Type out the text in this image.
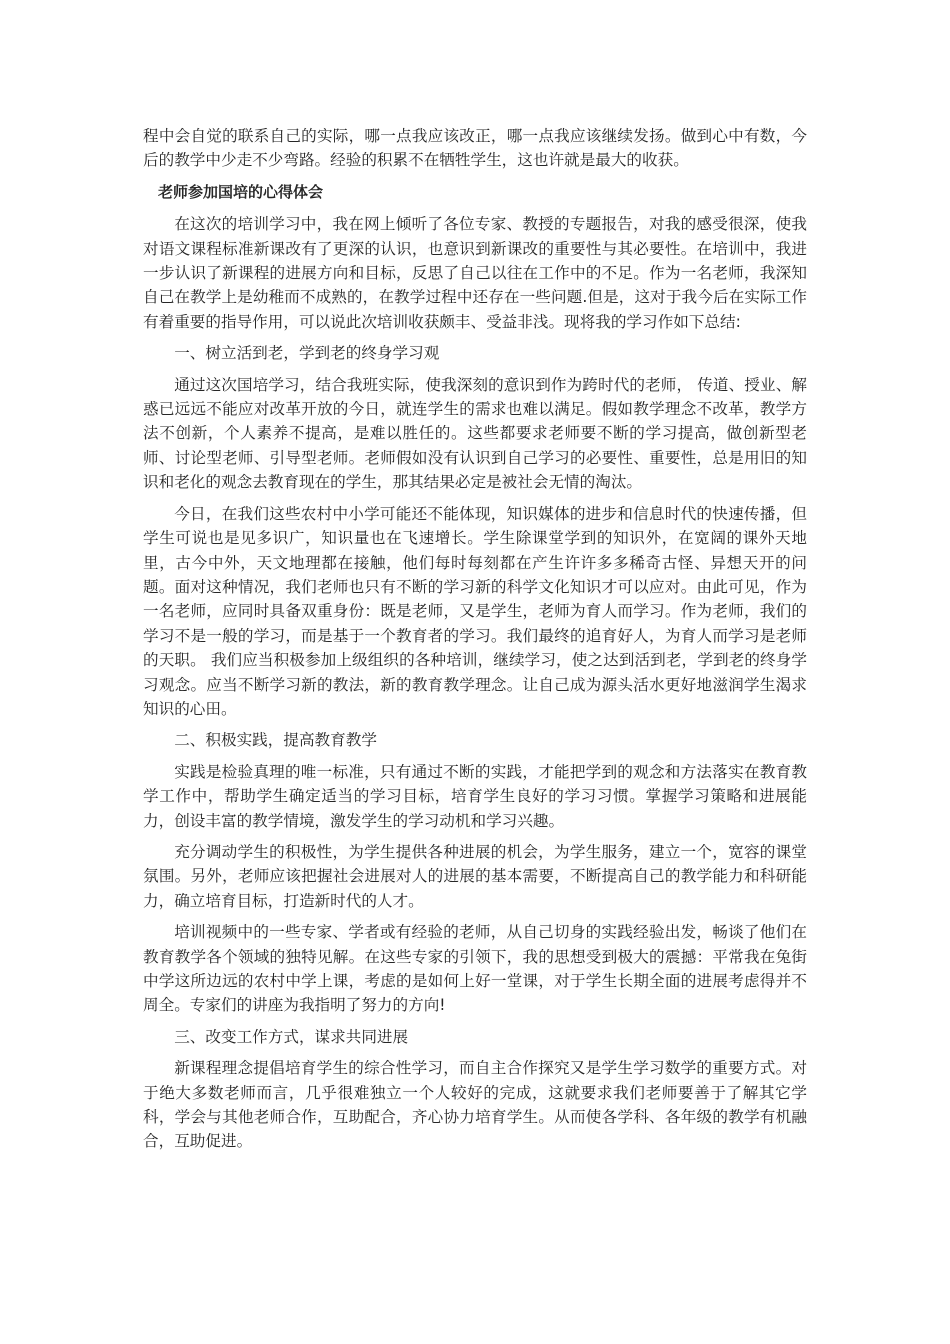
程中会自觉的联系自己的实际，哪一点我应该改正，哪一点我应该继续发扬。做到心中有数，今后的教学中少走不少弯路。经验的积累不在牺牲学生，这也许就是最大的收获。

老师参加国培的心得体会

在这次的培训学习中，我在网上倾听了各位专家、教授的专题报告，对我的感受很深，使我对语文课程标准新课改有了更深的认识，也意识到新课改的重要性与其必要性。在培训中，我进一步认识了新课程的进展方向和目标，反思了自己以往在工作中的不足。作为一名老师，我深知自己在教学上是幼稚而不成熟的，在教学过程中还存在一些问题.但是，这对于我今后在实际工作有着重要的指导作用，可以说此次培训收获颇丰、受益非浅。现将我的学习作如下总结:

一、树立活到老，学到老的终身学习观

通过这次国培学习，结合我班实际，使我深刻的意识到作为跨时代的老师， 传道、授业、解惑已远远不能应对改革开放的今日，就连学生的需求也难以满足。假如教学理念不改革，教学方法不创新，个人素养不提高，是难以胜任的。这些都要求老师要不断的学习提高，做创新型老师、讨论型老师、引导型老师。老师假如没有认识到自己学习的必要性、重要性，总是用旧的知识和老化的观念去教育现在的学生，那其结果必定是被社会无情的淘汰。

今日，在我们这些农村中小学可能还不能体现，知识媒体的进步和信息时代的快速传播，但学生可说也是见多识广，知识量也在飞速增长。学生除课堂学到的知识外，在宽阔的课外天地里，古今中外，天文地理都在接触，他们每时每刻都在产生许许多多稀奇古怪、异想天开的问题。面对这种情况，我们老师也只有不断的学习新的科学文化知识才可以应对。由此可见，作为一名老师，应同时具备双重身份：既是老师，又是学生，老师为育人而学习。作为老师，我们的学习不是一般的学习，而是基于一个教育者的学习。我们最终的追育好人，为育人而学习是老师的天职。 我们应当积极参加上级组织的各种培训，继续学习，使之达到活到老，学到老的终身学习观念。应当不断学习新的教法，新的教育教学理念。让自己成为源头活水更好地滋润学生渴求知识的心田。

二、积极实践，提高教育教学

实践是检验真理的唯一标准，只有通过不断的实践，才能把学到的观念和方法落实在教育教学工作中，帮助学生确定适当的学习目标，培育学生良好的学习习惯。掌握学习策略和进展能力，创设丰富的教学情境，激发学生的学习动机和学习兴趣。

充分调动学生的积极性，为学生提供各种进展的机会，为学生服务，建立一个，宽容的课堂氛围。另外，老师应该把握社会进展对人的进展的基本需要，不断提高自己的教学能力和科研能力，确立培育目标，打造新时代的人才。

培训视频中的一些专家、学者或有经验的老师，从自己切身的实践经验出发，畅谈了他们在教育教学各个领域的独特见解。在这些专家的引领下，我的思想受到极大的震撼：平常我在兔街中学这所边远的农村中学上课，考虑的是如何上好一堂课，对于学生长期全面的进展考虑得并不周全。专家们的讲座为我指明了努力的方向!

三、改变工作方式，谋求共同进展

新课程理念提倡培育学生的综合性学习，而自主合作探究又是学生学习数学的重要方式。对于绝大多数老师而言，几乎很难独立一个人较好的完成，这就要求我们老师要善于了解其它学科，学会与其他老师合作，互助配合，齐心协力培育学生。从而使各学科、各年级的教学有机融合，互助促进。
